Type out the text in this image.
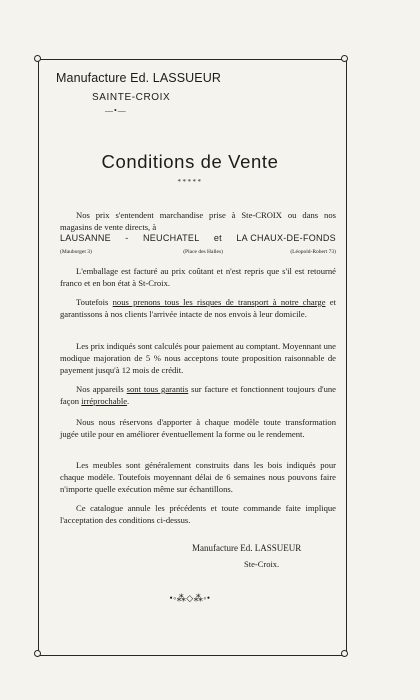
Manufacture Ed. LASSUEUR
SAINTE-CROIX
—•—
Conditions de Vente
*****
Nos prix s'entendent marchandise prise à Ste-CROIX ou dans nos magasins de vente directs, à
LAUSANNE - NEUCHATEL et LA CHAUX-DE-FONDS
(Mauborget 3)	(Place des Halles)	(Léopold-Robert 73)
L'emballage est facturé au prix coûtant et n'est repris que s'il est retourné franco et en bon état à St-Croix.
Toutefois nous prenons tous les risques de transport à notre charge et garantissons à nos clients l'arrivée intacte de nos envois à leur domicile.
Les prix indiqués sont calculés pour paiement au comptant. Moyennant une modique majoration de 5 % nous acceptons toute proposition raisonnable de payement jusqu'à 12 mois de crédit.
Nos appareils sont tous garantis sur facture et fonctionnent toujours d'une façon irréprochable.
Nous nous réservons d'apporter à chaque modèle toute transformation jugée utile pour en améliorer éventuellement la forme ou le rendement.
Les meubles sont généralement construits dans les bois indiqués pour chaque modèle. Toutefois moyennant délai de 6 semaines nous pouvons faire n'importe quelle exécution même sur échantillons.
Ce catalogue annule les précédents et toute commande faite implique l'acceptation des conditions ci-dessus.
Manufacture Ed. LASSUEUR
Ste-Croix.
•◦⁂◇⁂◦•
